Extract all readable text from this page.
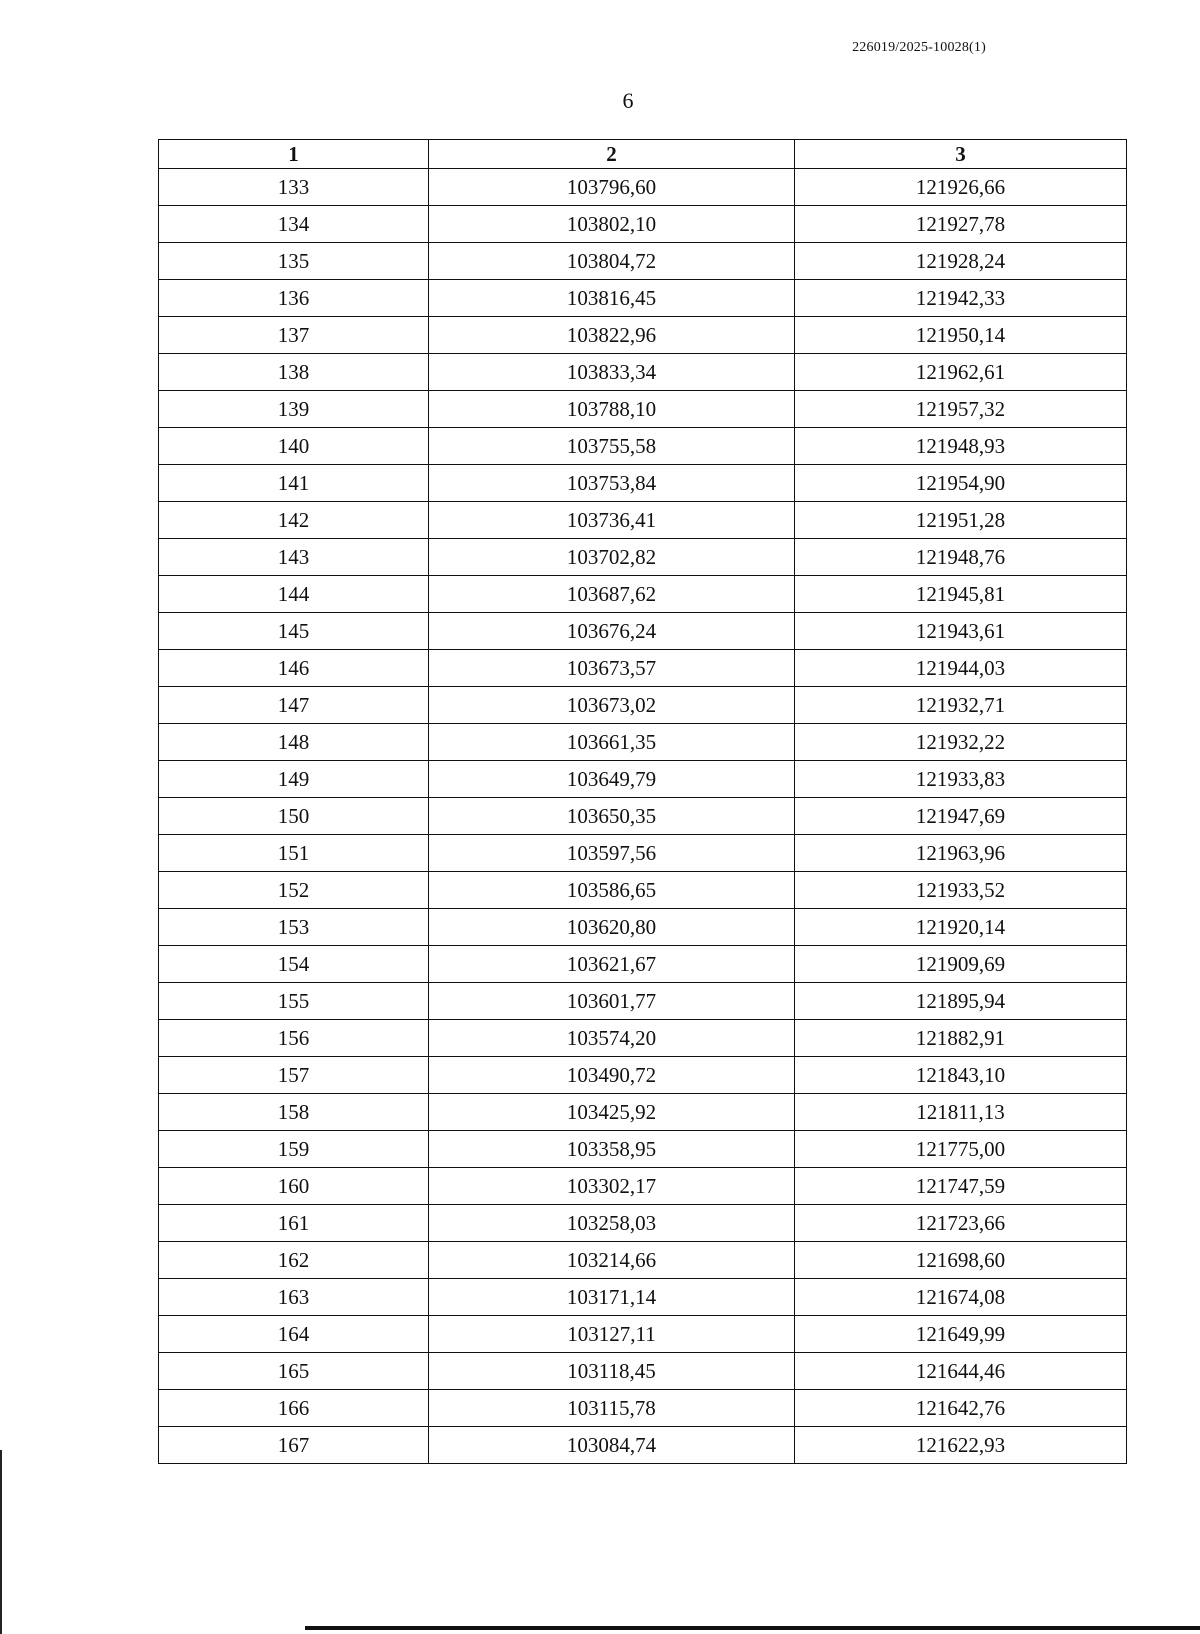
226019/2025-10028(1)
6
1	2	3
133	103796,60	121926,66
134	103802,10	121927,78
135	103804,72	121928,24
136	103816,45	121942,33
137	103822,96	121950,14
138	103833,34	121962,61
139	103788,10	121957,32
140	103755,58	121948,93
141	103753,84	121954,90
142	103736,41	121951,28
143	103702,82	121948,76
144	103687,62	121945,81
145	103676,24	121943,61
146	103673,57	121944,03
147	103673,02	121932,71
148	103661,35	121932,22
149	103649,79	121933,83
150	103650,35	121947,69
151	103597,56	121963,96
152	103586,65	121933,52
153	103620,80	121920,14
154	103621,67	121909,69
155	103601,77	121895,94
156	103574,20	121882,91
157	103490,72	121843,10
158	103425,92	121811,13
159	103358,95	121775,00
160	103302,17	121747,59
161	103258,03	121723,66
162	103214,66	121698,60
163	103171,14	121674,08
164	103127,11	121649,99
165	103118,45	121644,46
166	103115,78	121642,76
167	103084,74	121622,93
